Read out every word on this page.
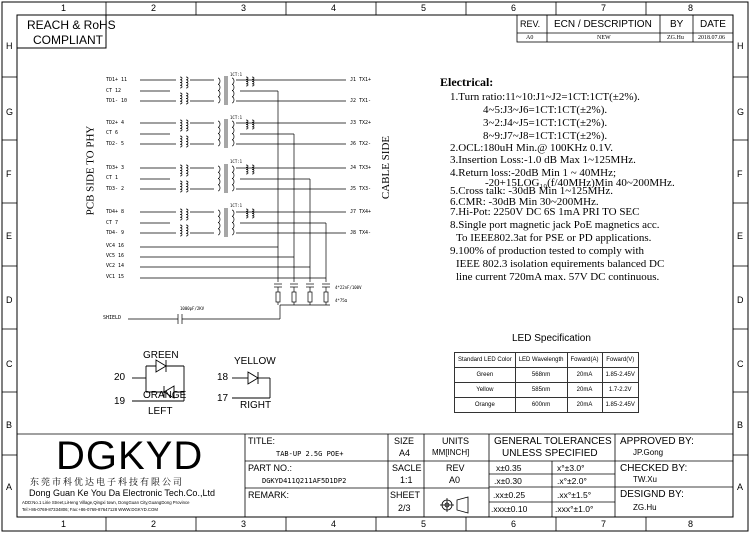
1
1
2
2
3
3
4
4
5
5
6
6
7
7
8
8
H	H
G	G
F	F
E	E
D	D
C	C
B	B
A	A
REACH & RoHS
COMPLIANT
REV. ECN / DESCRIPTION BY DATE
A0	NEW	ZG.Hu 2018.07.06
TD1+ 11
CT 12
TD1- 10
TD2+ 4
CT 6
TD2- 5
TD3+ 3
CT 1
TD3- 2
TD4+ 8
CT 7
TD4- 9
VC4 16
VC5 16
VC2 14
VC1 15
J1 TX1+
J2 TX1-
J3 TX2+
J6 TX2-
J4 TX3+
J5 TX3-
J7 TX4+
J8 TX4-
1CT:1
1CT:1
1CT:1
1CT:1
PCB SIDE TO PHY	CABLE SIDE
4*22nF/100V
4*75Ω
SHIELD
1000pF/2KV
GREEN
ORANGE
LEFT
20
19
YELLOW
RIGHT
18
17
Electrical:
1.Turn ratio:11~10:J1~J2=1CT:1CT(±2%).
4~5:J3~J6=1CT:1CT(±2%).
3~2:J4~J5=1CT:1CT(±2%).
8~9:J7~J8=1CT:1CT(±2%).
2.OCL:180uH Min.@ 100KHz 0.1V.
3.Insertion Loss:-1.0 dB Max 1~125MHz.
4.Return loss:-20dB Min 1 ~ 40MHz;
-20+15LOG₁₀(f/40MHz)Min 40~200MHz.
5.Cross talk: -30dB Min 1~125MHz.
6.CMR: -30dB Min 30~200MHz.
7.Hi-Pot: 2250V DC 6S 1mA PRI TO SEC
8.Single port magnetic jack PoE magnetics acc.
To IEEE802.3at for PSE or PD applications.
9.100% of production tested to comply with
IEEE 802.3 isolation equirements balanced DC
line current 720mA max. 57V DC continuous.
LED Specification
Standard LED Color	LED Wavelength	Foward(A)	Foward(V)
Green	568nm	20mA	1.85-2.45V
Yellow	585nm	20mA	1.7-2.2V
Orange	600nm	20mA	1.85-2.45V
DGKYD
东莞市科优达电子科技有限公司
Dong Guan Ke You Da Electronic Tech.Co.,Ltd
ADD:No.1 Lirie Street,LiHeng Village,Qingxi town, DongGuan City,GuangDong Province
Tel:+86-0769-87334806; Fax:+86-0769-87647128 WWW.DGKYD.COM
TITLE:
TAB-UP 2.5G POE+
PART NO.:
DGKYD411Q211AF5D1DP2
REMARK:
SIZE
A4
UNITS
MM[INCH]
SACLE
1:1
REV
A0
SHEET
2/3
GENERAL TOLERANCES
UNLESS SPECIFIED
x±0.35	x°±3.0°
.x±0.30	.x°±2.0°
.xx±0.25	.xx°±1.5°
.xxx±0.10	.xxx°±1.0°
APPROVED BY:
JP.Gong
CHECKED BY:
TW.Xu
DESIGND BY:
ZG.Hu
